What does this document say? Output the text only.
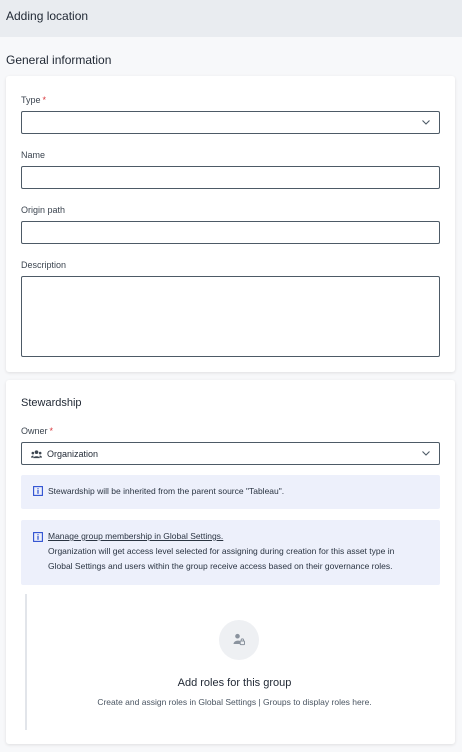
Adding location
General information
Type *
Name
Origin path
Description
Stewardship
Owner *
Organization
Stewardship will be inherited from the parent source "Tableau".
Manage group membership in Global Settings.
Organization will get access level selected for assigning during creation for this asset type in
Global Settings and users within the group receive access based on their governance roles.
Add roles for this group
Create and assign roles in Global Settings | Groups to display roles here.
